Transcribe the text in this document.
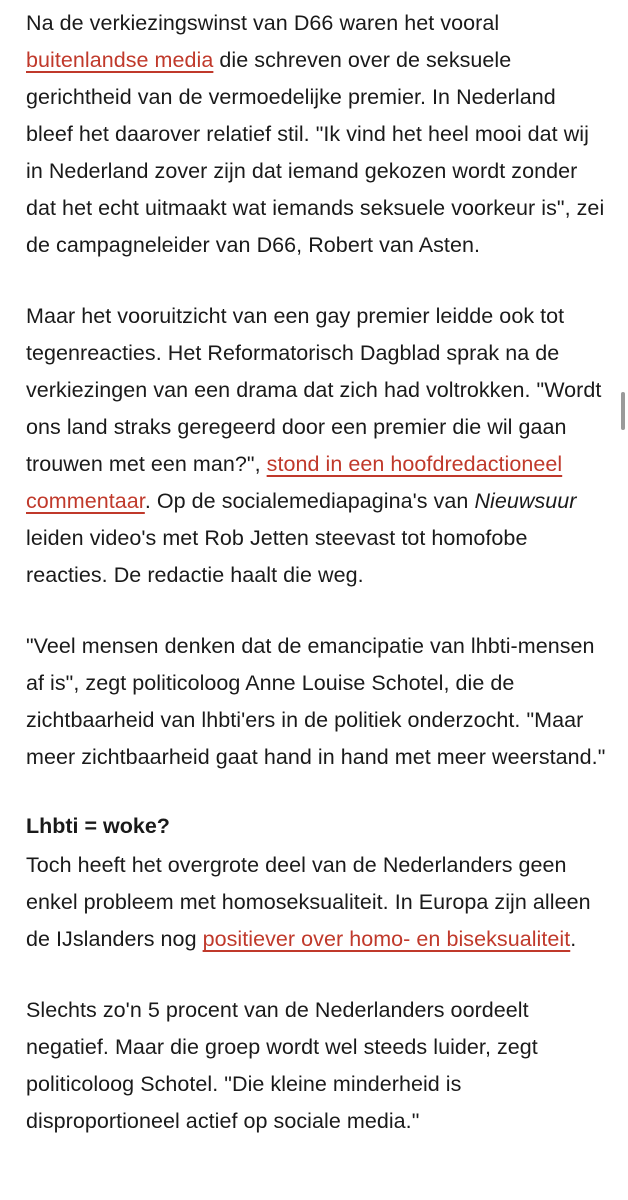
Na de verkiezingswinst van D66 waren het vooral buitenlandse media die schreven over de seksuele gerichtheid van de vermoedelijke premier. In Nederland bleef het daarover relatief stil. "Ik vind het heel mooi dat wij in Nederland zover zijn dat iemand gekozen wordt zonder dat het echt uitmaakt wat iemands seksuele voorkeur is", zei de campagneleider van D66, Robert van Asten.

Maar het vooruitzicht van een gay premier leidde ook tot tegenreacties. Het Reformatorisch Dagblad sprak na de verkiezingen van een drama dat zich had voltrokken. "Wordt ons land straks geregeerd door een premier die wil gaan trouwen met een man?", stond in een hoofdredactioneel commentaar. Op de socialemediapagina's van Nieuwsuur leiden video's met Rob Jetten steevast tot homofobe reacties. De redactie haalt die weg.

"Veel mensen denken dat de emancipatie van lhbti-mensen af is", zegt politicoloog Anne Louise Schotel, die de zichtbaarheid van lhbti'ers in de politiek onderzocht. "Maar meer zichtbaarheid gaat hand in hand met meer weerstand."

Lhbti = woke?

Toch heeft het overgrote deel van de Nederlanders geen enkel probleem met homoseksualiteit. In Europa zijn alleen de IJslanders nog positiever over homo- en biseksualiteit.

Slechts zo'n 5 procent van de Nederlanders oordeelt negatief. Maar die groep wordt wel steeds luider, zegt politicoloog Schotel. "Die kleine minderheid is disproportioneel actief op sociale media."
